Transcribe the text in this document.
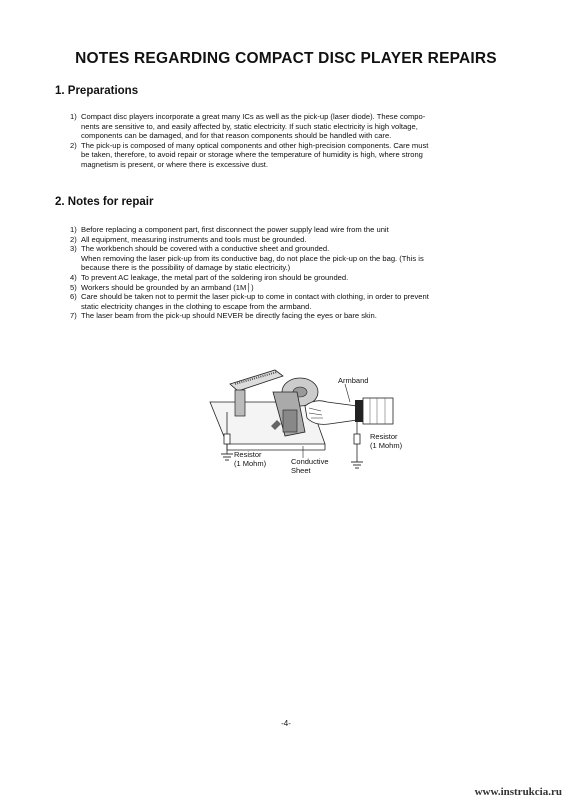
NOTES REGARDING COMPACT DISC PLAYER REPAIRS
1. Preparations
1) Compact disc players incorporate a great many ICs as well as the pick-up (laser diode). These compo-
nents are sensitive to, and easily affected by, static electricity. If such static electricity is high voltage,
components can be damaged, and for that reason components should be handled with care.
2) The pick-up is composed of many optical components and other high-precision components. Care must
be taken, therefore, to avoid repair or storage where the temperature of humidity is high, where strong
magnetism is present, or where there is excessive dust.
2. Notes for repair
1) Before replacing a component part, first disconnect the power supply lead wire from the unit
2) All equipment, measuring instruments and tools must be grounded.
3) The workbench should be covered with a conductive sheet and grounded.
When removing the laser pick-up from its conductive bag, do not place the pick-up on the bag. (This is
because there is the possibility of damage by static electricity.)
4) To prevent AC leakage, the metal part of the soldering iron should be grounded.
5) Workers should be grounded by an armband (1M│)
6) Care should be taken not to permit the laser pick-up to come in contact with clothing, in order to prevent
static electricity changes in the clothing to escape from the armband.
7) The laser beam from the pick-up should NEVER be directly facing the eyes or bare skin.
Armband
Resistor
(1 Mohm)
Resistor
(1 Mohm)	Conductive
Sheet
-4-
www.instrukcia.ru
